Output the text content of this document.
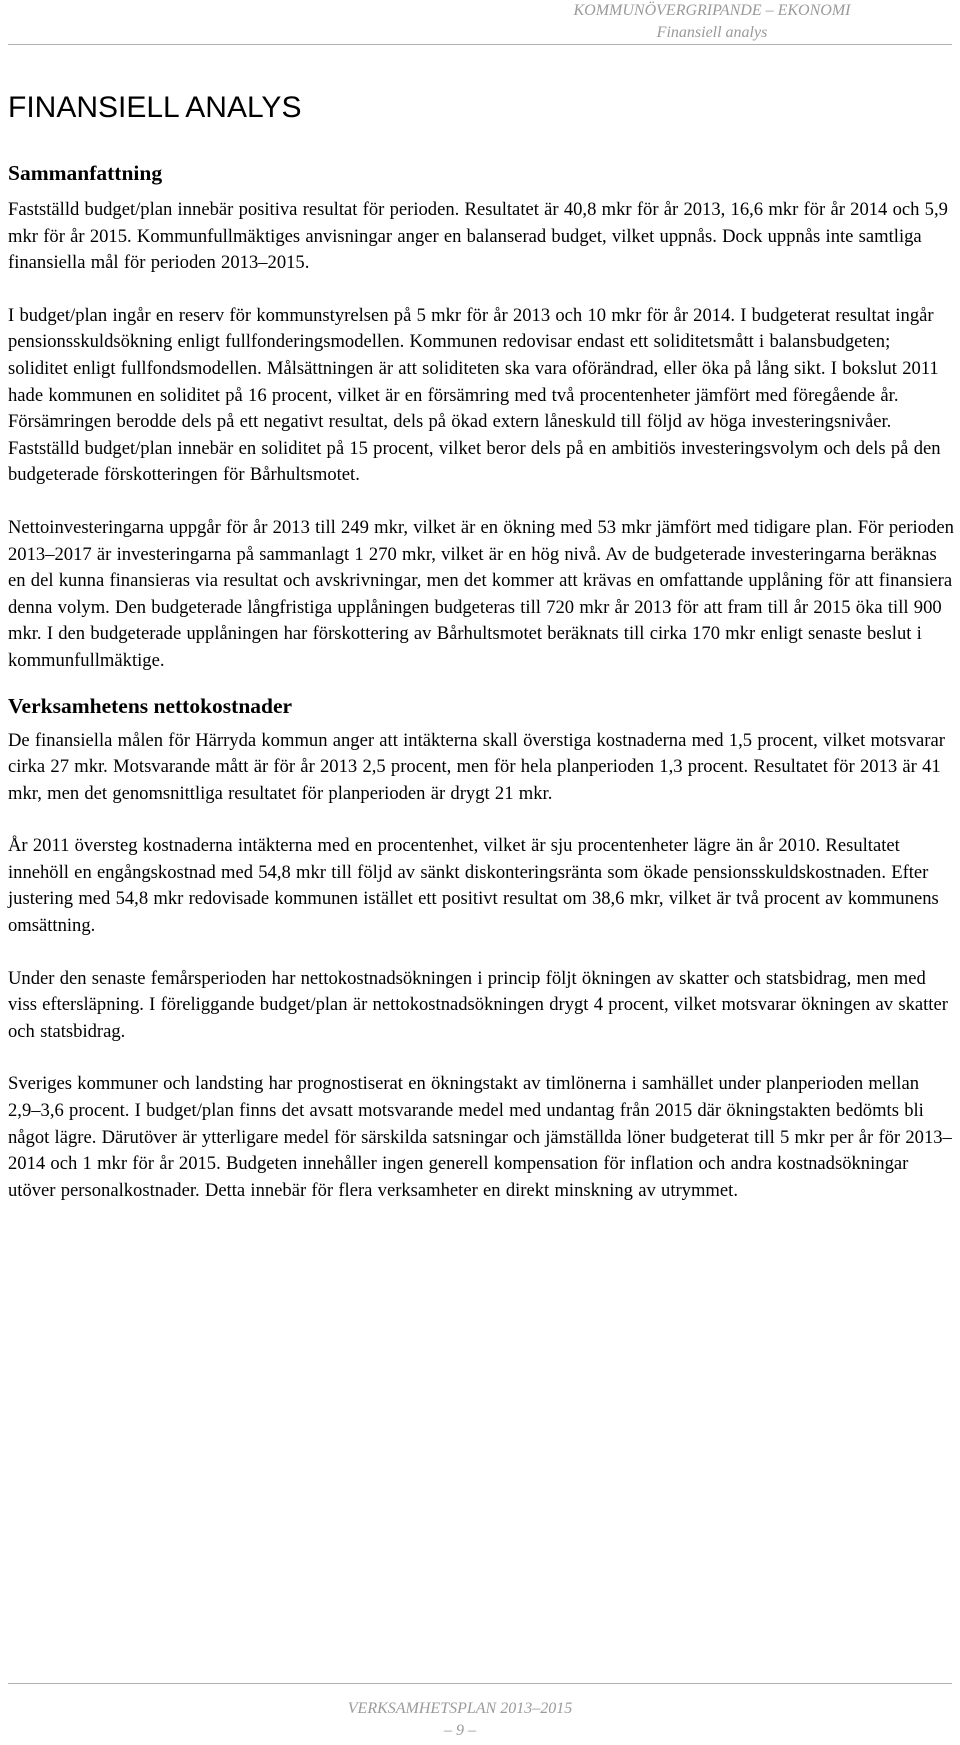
KOMMUNÖVERGRIPANDE – EKONOMI
Finansiell analys
FINANSIELL ANALYS
Sammanfattning

Fastställd budget/plan innebär positiva resultat för perioden. Resultatet är 40,8 mkr för år 2013, 16,6 mkr för år 2014 och 5,9 mkr för år 2015. Kommunfullmäktiges anvisningar anger en balanserad budget, vilket uppnås. Dock uppnås inte samtliga finansiella mål för perioden 2013–2015.

I budget/plan ingår en reserv för kommunstyrelsen på 5 mkr för år 2013 och 10 mkr för år 2014. I budgeterat resultat ingår pensionsskuldsökning enligt fullfonderingsmodellen. Kommunen redovisar endast ett soliditetsmått i balansbudgeten; soliditet enligt fullfondsmodellen. Målsättningen är att soliditeten ska vara oförändrad, eller öka på lång sikt. I bokslut 2011 hade kommunen en soliditet på 16 procent, vilket är en försämring med två procentenheter jämfört med föregående år. Försämringen berodde dels på ett negativt resultat, dels på ökad extern låneskuld till följd av höga investeringsnivåer. Fastställd budget/plan innebär en soliditet på 15 procent, vilket beror dels på en ambitiös investeringsvolym och dels på den budgeterade förskotteringen för Bårhultsmotet.

Nettoinvesteringarna uppgår för år 2013 till 249 mkr, vilket är en ökning med 53 mkr jämfört med tidigare plan. För perioden 2013–2017 är investeringarna på sammanlagt 1 270 mkr, vilket är en hög nivå. Av de budgeterade investeringarna beräknas en del kunna finansieras via resultat och avskrivningar, men det kommer att krävas en omfattande upplåning för att finansiera denna volym. Den budgeterade långfristiga upplåningen budgeteras till 720 mkr år 2013 för att fram till år 2015 öka till 900 mkr. I den budgeterade upplåningen har förskottering av Bårhultsmotet beräknats till cirka 170 mkr enligt senaste beslut i kommunfullmäktige.

Verksamhetens nettokostnader

De finansiella målen för Härryda kommun anger att intäkterna skall överstiga kostnaderna med 1,5 procent, vilket motsvarar cirka 27 mkr. Motsvarande mått är för år 2013 2,5 procent, men för hela planperioden 1,3 procent. Resultatet för 2013 är 41 mkr, men det genomsnittliga resultatet för planperioden är drygt 21 mkr.

År 2011 översteg kostnaderna intäkterna med en procentenhet, vilket är sju procentenheter lägre än år 2010. Resultatet innehöll en engångskostnad med 54,8 mkr till följd av sänkt diskonteringsräntа som ökade pensionsskuldskostnaden. Efter justering med 54,8 mkr redovisade kommunen istället ett positivt resultat om 38,6 mkr, vilket är två procent av kommunens omsättning.

Under den senaste femårsperioden har nettokostnadsökningen i princip följt ökningen av skatter och statsbidrag, men med viss eftersläpning. I föreliggande budget/plan är nettokostnadsökningen drygt 4 procent, vilket motsvarar ökningen av skatter och statsbidrag.

Sveriges kommuner och landsting har prognostiserat en ökningstakt av timlönerna i samhället under planperioden mellan 2,9–3,6 procent. I budget/plan finns det avsatt motsvarande medel med undantag från 2015 där ökningstakten bedömts bli något lägre. Därutöver är ytterligare medel för särskilda satsningar och jämställda löner budgeterat till 5 mkr per år för 2013–2014 och 1 mkr för år 2015. Budgeten innehåller ingen generell kompensation för inflation och andra kostnadsökningar utöver personalkostnader. Detta innebär för flera verksamheter en direkt minskning av utrymmet.

VERKSAMHETSPLAN 2013–2015
– 9 –
